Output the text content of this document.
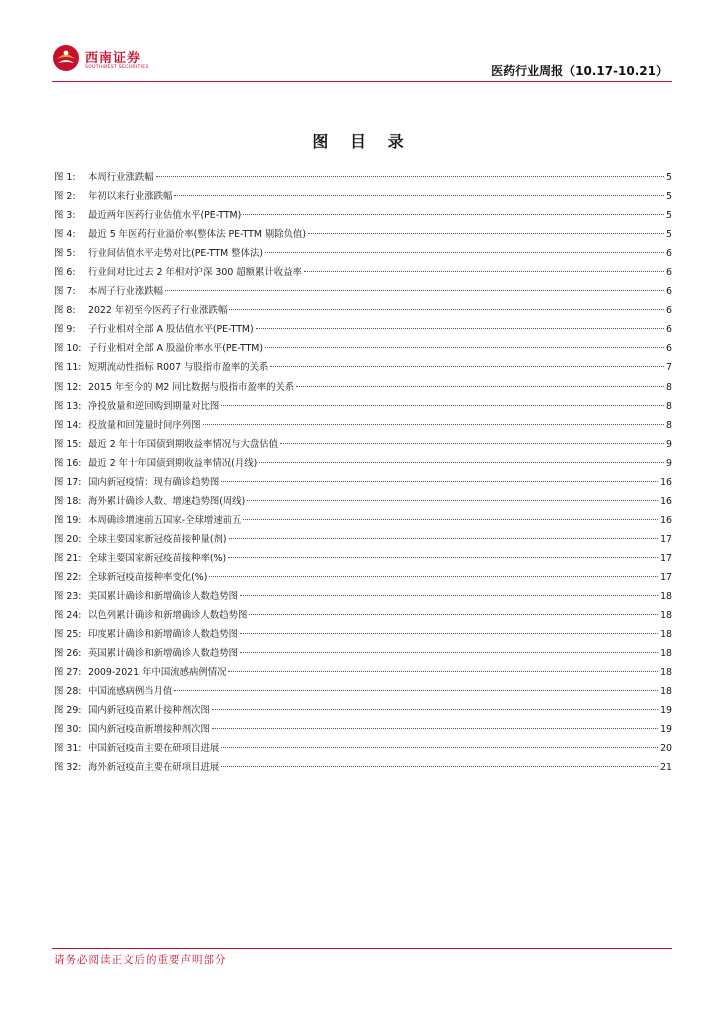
西南证券
SOUTHWEST SECURITIES	医药行业周报（10.17-10.21）
图 目 录
图 1:	本周行业涨跌幅	5
图 2:	年初以来行业涨跌幅	5
图 3:	最近两年医药行业估值水平(PE-TTM)	5
图 4:	最近 5 年医药行业溢价率(整体法 PE-TTM 剔除负值)	5
图 5:	行业间估值水平走势对比(PE-TTM 整体法)	6
图 6:	行业间对比过去 2 年相对沪深 300 超额累计收益率	6
图 7:	本周子行业涨跌幅	6
图 8:	2022 年初至今医药子行业涨跌幅	6
图 9:	子行业相对全部 A 股估值水平(PE-TTM)	6
图 10: 子行业相对全部 A 股溢价率水平(PE-TTM)	6
图 11: 短期流动性指标 R007 与股指市盈率的关系	7
图 12: 2015 年至今的 M2 同比数据与股指市盈率的关系	8
图 13: 净投放量和逆回购到期量对比图	8
图 14: 投放量和回笼量时间序列图	8
图 15: 最近 2 年十年国债到期收益率情况与大盘估值	9
图 16: 最近 2 年十年国债到期收益率情况(月线)	9
图 17: 国内新冠疫情：现有确诊趋势图	16
图 18: 海外累计确诊人数、增速趋势图(周线)	16
图 19: 本周确诊增速前五国家-全球增速前五	16
图 20: 全球主要国家新冠疫苗接种量(剂)	17
图 21: 全球主要国家新冠疫苗接种率(%)	17
图 22: 全球新冠疫苗接种率变化(%)	17
图 23: 美国累计确诊和新增确诊人数趋势图	18
图 24: 以色列累计确诊和新增确诊人数趋势图	18
图 25: 印度累计确诊和新增确诊人数趋势图	18
图 26: 英国累计确诊和新增确诊人数趋势图	18
图 27: 2009-2021 年中国流感病例情况	18
图 28: 中国流感病例当月值	18
图 29: 国内新冠疫苗累计接种剂次图	19
图 30: 国内新冠疫苗新增接种剂次图	19
图 31: 中国新冠疫苗主要在研项目进展	20
图 32: 海外新冠疫苗主要在研项目进展	21
请务必阅读正文后的重要声明部分
